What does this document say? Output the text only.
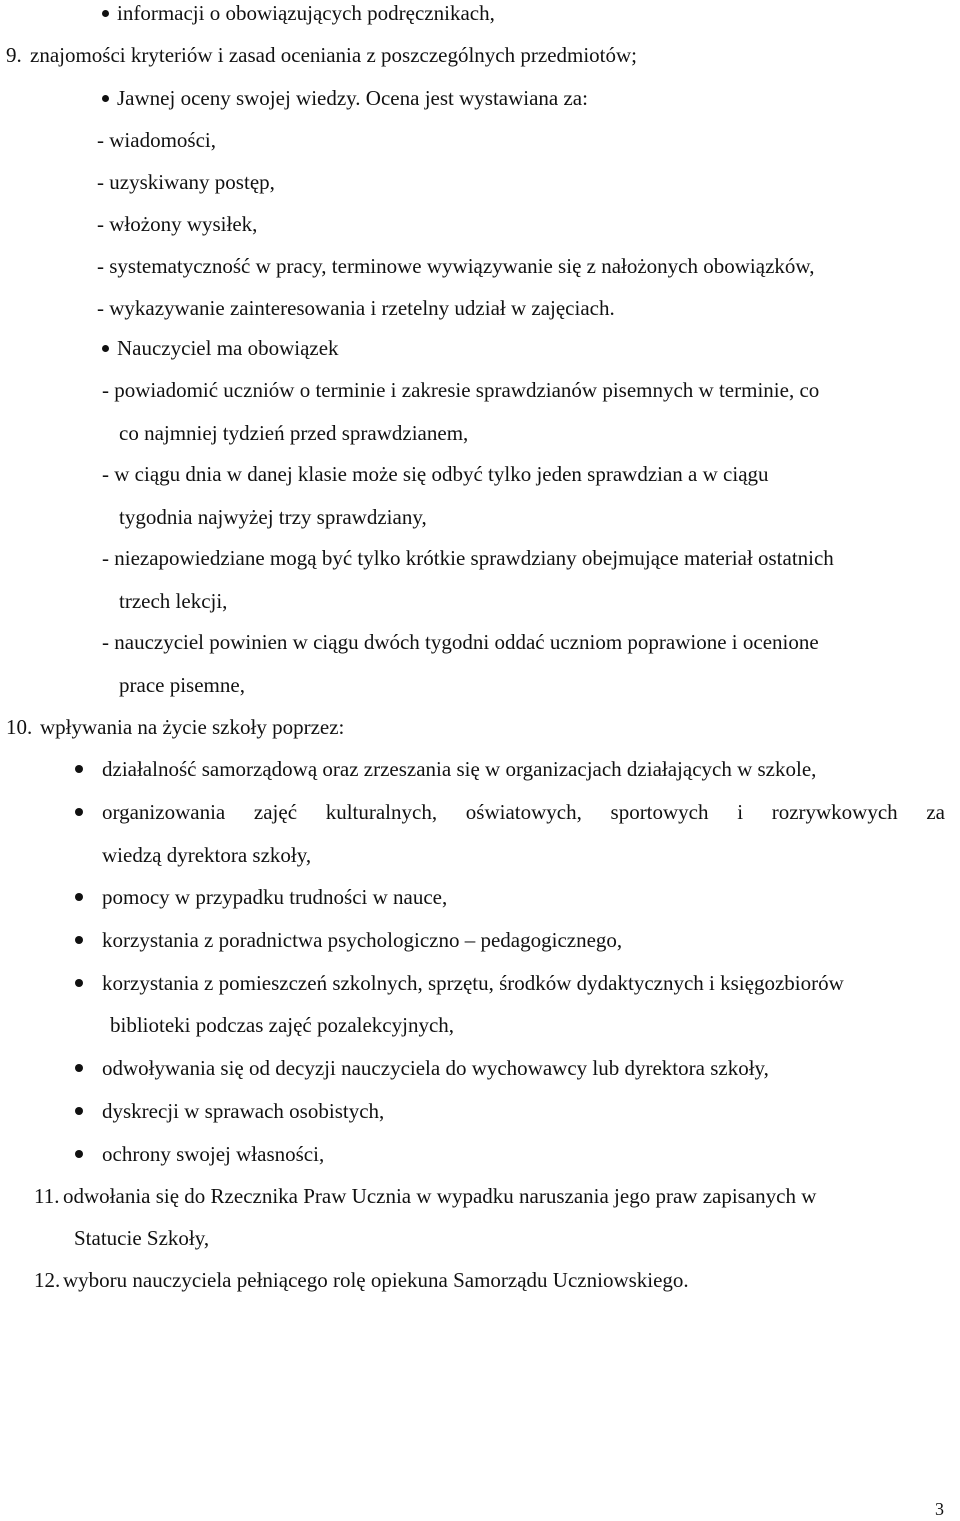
informacji o obowiązujących podręcznikach,
9. znajomości kryteriów i zasad oceniania z poszczególnych przedmiotów;
Jawnej oceny swojej wiedzy. Ocena jest wystawiana za:
- wiadomości,
- uzyskiwany postęp,
- włożony wysiłek,
- systematyczność w pracy, terminowe wywiązywanie się z nałożonych obowiązków,
- wykazywanie zainteresowania i rzetelny udział w zajęciach.
Nauczyciel ma obowiązek
- powiadomić uczniów o terminie i zakresie sprawdzianów pisemnych w terminie, co
co najmniej tydzień przed sprawdzianem,
- w ciągu dnia w danej klasie może się odbyć tylko jeden sprawdzian a w ciągu
tygodnia najwyżej trzy sprawdziany,
- niezapowiedziane mogą być tylko krótkie sprawdziany obejmujące materiał ostatnich
trzech lekcji,
- nauczyciel powinien w ciągu dwóch tygodni oddać uczniom poprawione i ocenione
prace pisemne,
10. wpływania na życie szkoły poprzez:
działalność samorządową oraz zrzeszania się w organizacjach działających w szkole,
organizowania zajęć kulturalnych, oświatowych, sportowych i rozrywkowych za
wiedzą dyrektora szkoły,
pomocy w przypadku trudności w nauce,
korzystania z poradnictwa psychologiczno – pedagogicznego,
korzystania z pomieszczeń szkolnych, sprzętu, środków dydaktycznych i księgozbiorów
biblioteki podczas zajęć pozalekcyjnych,
odwoływania się od decyzji nauczyciela do wychowawcy lub dyrektora szkoły,
dyskrecji w sprawach osobistych,
ochrony swojej własności,
11. odwołania się do Rzecznika Praw Ucznia w wypadku naruszania jego praw zapisanych w
Statucie Szkoły,
12. wyboru nauczyciela pełniącego rolę opiekuna Samorządu Uczniowskiego.
3
